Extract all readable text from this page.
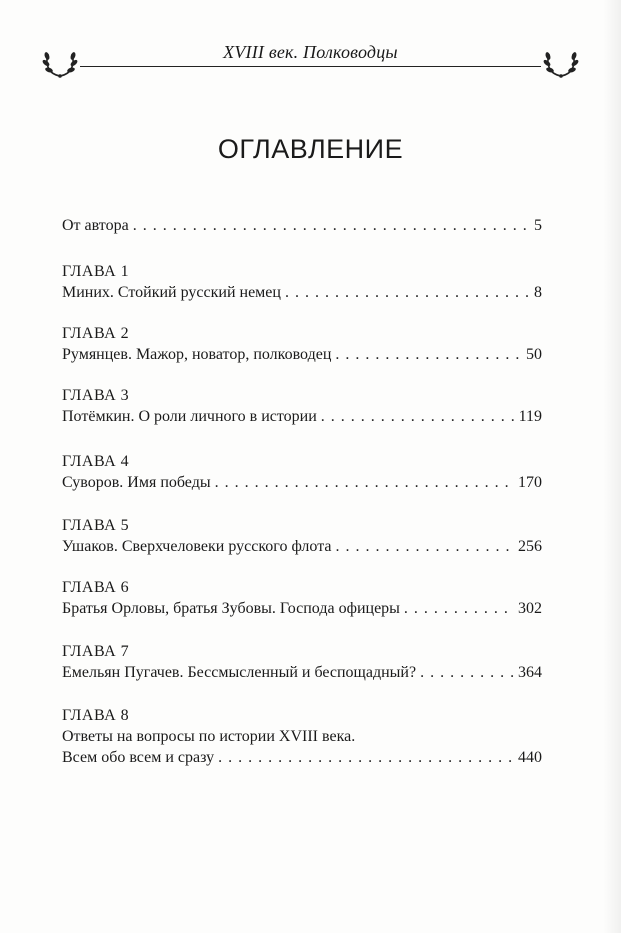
XVIII век. Полководцы
ОГЛАВЛЕНИЕ
От автора . . .	5
ГЛАВА 1
Миних. Стойкий русский немец . . .	8
ГЛАВА 2
Румянцев. Мажор, новатор, полководец . . .	50
ГЛАВА 3
Потёмкин. О роли личного в истории . . .	119
ГЛАВА 4
Суворов. Имя победы . . .	170
ГЛАВА 5
Ушаков. Сверхчеловеки русского флота . . .	256
ГЛАВА 6
Братья Орловы, братья Зубовы. Господа офицеры . . .	302
ГЛАВА 7
Емельян Пугачев. Бессмысленный и беспощадный? . . .	364
ГЛАВА 8
Ответы на вопросы по истории XVIII века.
Всем обо всем и сразу . . .	440
